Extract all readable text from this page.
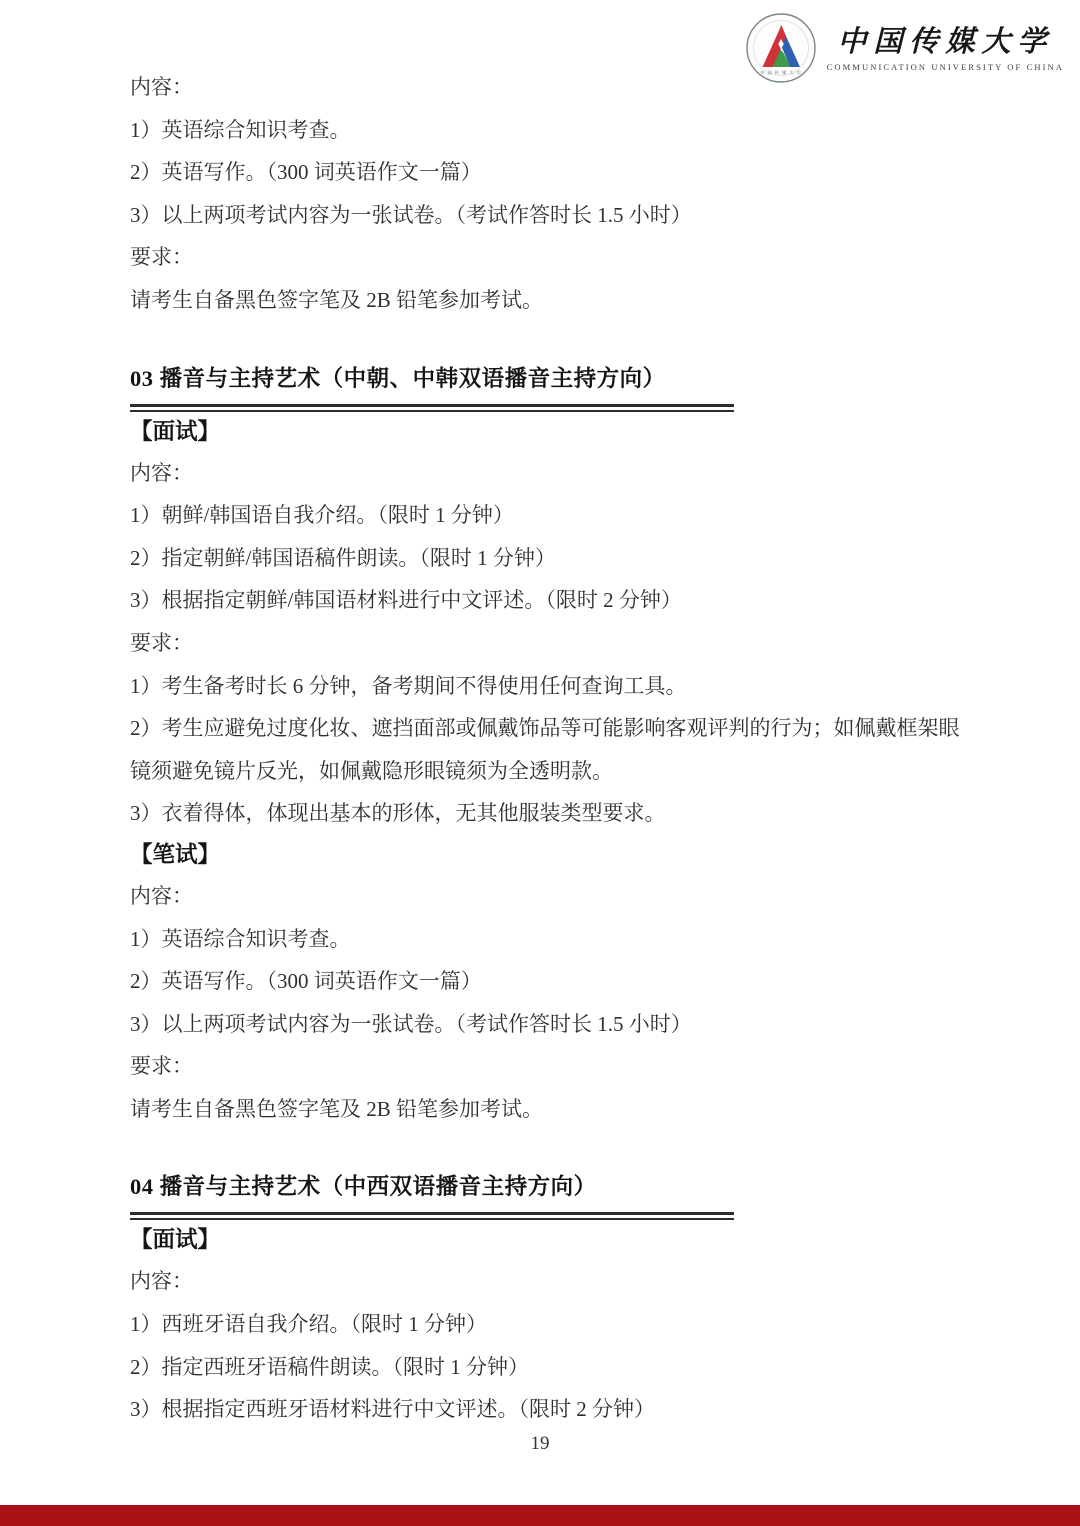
中 国 传 媒 大 学
中国传媒大学
COMMUNICATION UNIVERSITY OF CHINA

内容：

1）英语综合知识考查。

2）英语写作。（300 词英语作文一篇）

3）以上两项考试内容为一张试卷。（考试作答时长 1.5 小时）

要求：

请考生自备黑色签字笔及 2B 铅笔参加考试。

03 播音与主持艺术（中朝、中韩双语播音主持方向）

【面试】

内容：

1）朝鲜/韩国语自我介绍。（限时 1 分钟）

2）指定朝鲜/韩国语稿件朗读。（限时 1 分钟）

3）根据指定朝鲜/韩国语材料进行中文评述。（限时 2 分钟）

要求：

1）考生备考时长 6 分钟，备考期间不得使用任何查询工具。

2）考生应避免过度化妆、遮挡面部或佩戴饰品等可能影响客观评判的行为；如佩戴框架眼镜须避免镜片反光，如佩戴隐形眼镜须为全透明款。

3）衣着得体，体现出基本的形体，无其他服装类型要求。

【笔试】

内容：

1）英语综合知识考查。

2）英语写作。（300 词英语作文一篇）

3）以上两项考试内容为一张试卷。（考试作答时长 1.5 小时）

要求：

请考生自备黑色签字笔及 2B 铅笔参加考试。

04 播音与主持艺术（中西双语播音主持方向）

【面试】

内容：

1）西班牙语自我介绍。（限时 1 分钟）

2）指定西班牙语稿件朗读。（限时 1 分钟）

3）根据指定西班牙语材料进行中文评述。（限时 2 分钟）

19
